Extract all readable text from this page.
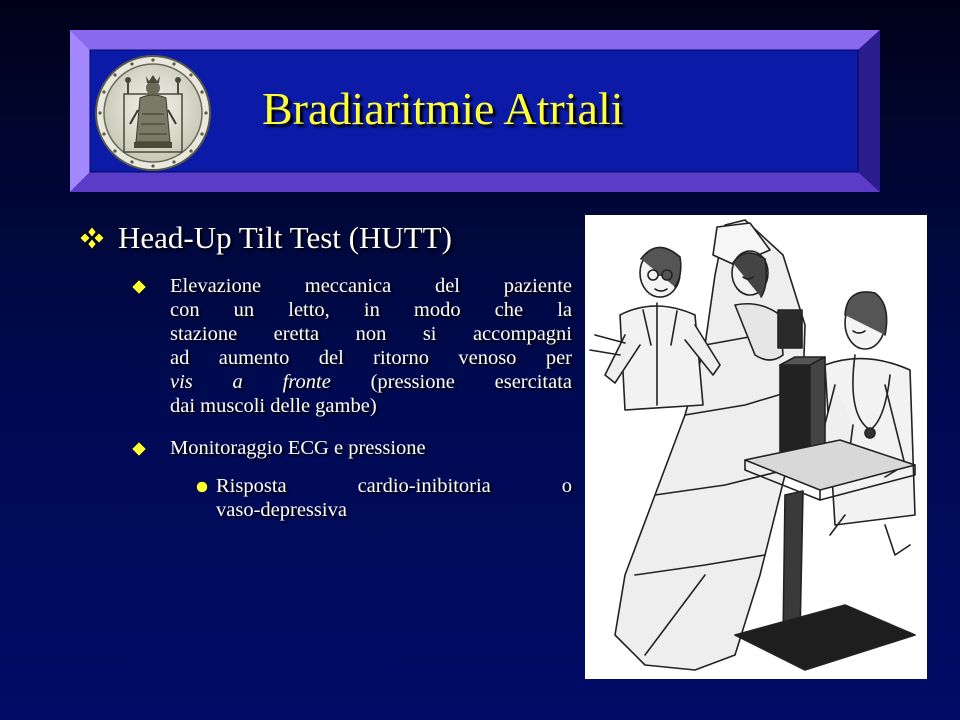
Bradiaritmie Atriali
Head-Up Tilt Test (HUTT)
Elevazione meccanica del paziente
con un letto, in modo che la
stazione eretta non si accompagni
ad aumento del ritorno venoso per
vis a fronte (pressione esercitata
dai muscoli delle gambe)
Monitoraggio ECG e pressione
Risposta cardio-inibitoria o
vaso-depressiva
